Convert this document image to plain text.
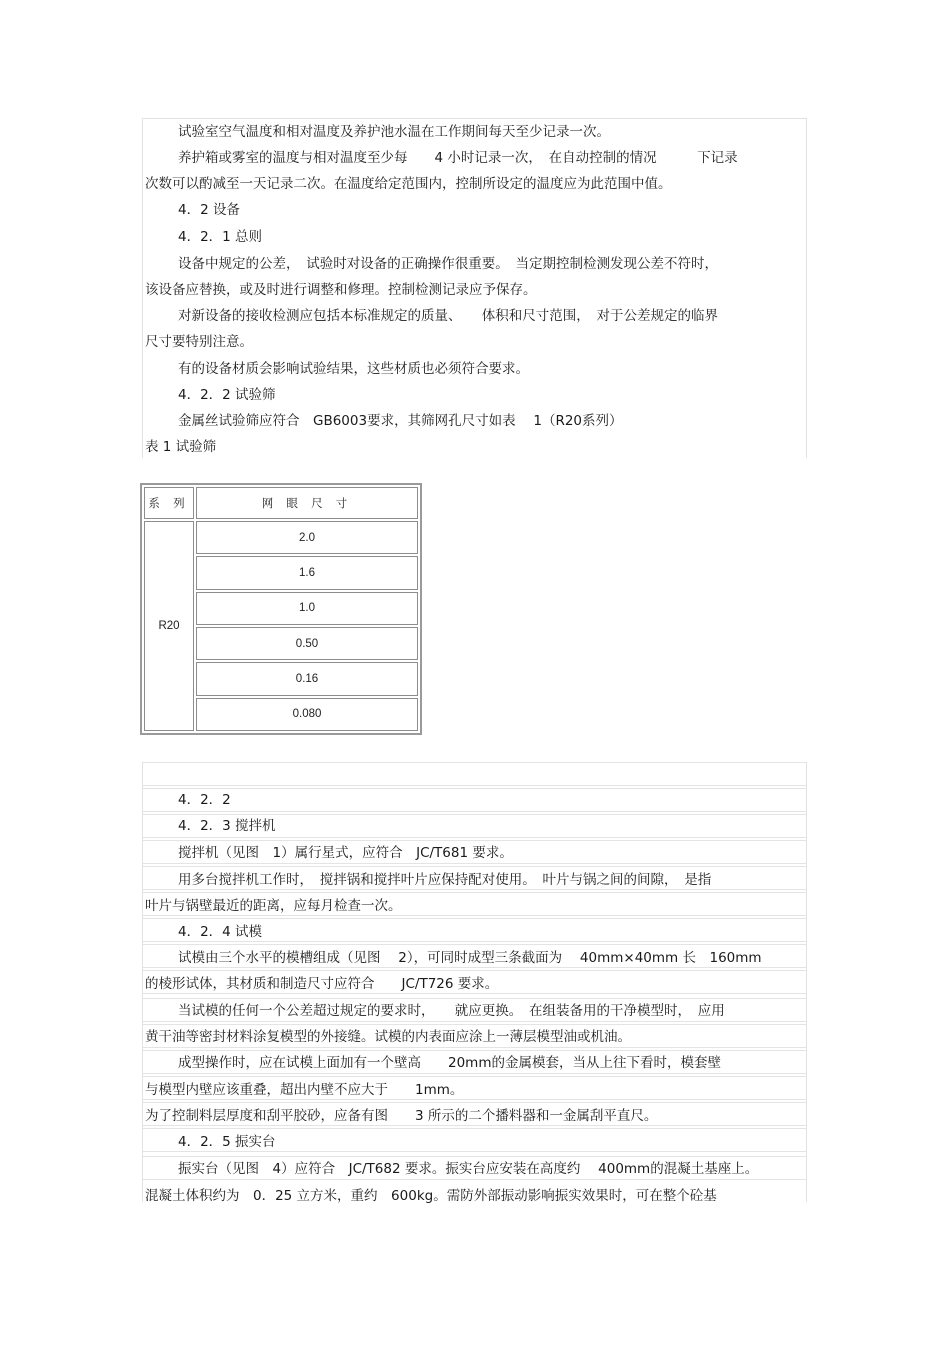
试验室空气温度和相对温度及养护池水温在工作期间每天至少记录一次。
养护箱或雾室的温度与相对温度至少每　　4 小时记录一次，　在自动控制的情况　　　下记录
次数可以酌减至一天记录二次。在温度给定范围内，控制所设定的温度应为此范围中值。
4．2 设备
4．2．1 总则
设备中规定的公差，　试验时对设备的正确操作很重要。　当定期控制检测发现公差不符时，
该设备应替换，或及时进行调整和修理。控制检测记录应予保存。
对新设备的接收检测应包括本标准规定的质量、　　体积和尺寸范围，　对于公差规定的临界
尺寸要特别注意。
有的设备材质会影响试验结果，这些材质也必须符合要求。
4．2．2 试验筛
金属丝试验筛应符合　GB6003要求，其筛网孔尺寸如表　 1（R20系列）
表 1 试验筛
系 列	网 眼 尺 寸
R20	2.0
	1.6
	1.0
	0.50
	0.16
	0.080
4．2．2
4．2．3 搅拌机
搅拌机（见图　1）属行星式，应符合　JC/T681 要求。
用多台搅拌机工作时，　搅拌锅和搅拌叶片应保持配对使用。　叶片与锅之间的间隙，　是指
叶片与锅壁最近的距离，应每月检查一次。
4．2．4 试模
试模由三个水平的模槽组成（见图　 2），可同时成型三条截面为　 40mm×40mm 长　160mm
的棱形试体，其材质和制造尺寸应符合　　JC/T726 要求。
当试模的任何一个公差超过规定的要求时，　　就应更换。　在组装备用的干净模型时，　应用
黄干油等密封材料涂复模型的外接缝。试模的内表面应涂上一薄层模型油或机油。
成型操作时，应在试模上面加有一个壁高　　20mm的金属模套，当从上往下看时，模套壁
与模型内壁应该重叠，超出内壁不应大于　　1mm。
为了控制料层厚度和刮平胶砂，应备有图　　3 所示的二个播料器和一金属刮平直尺。
4．2．5 振实台
振实台（见图　4）应符合　JC/T682 要求。振实台应安装在高度约　 400mm的混凝土基座上。
混凝土体积约为　0．25 立方米，重约　600kg。需防外部振动影响振实效果时，可在整个砼基
